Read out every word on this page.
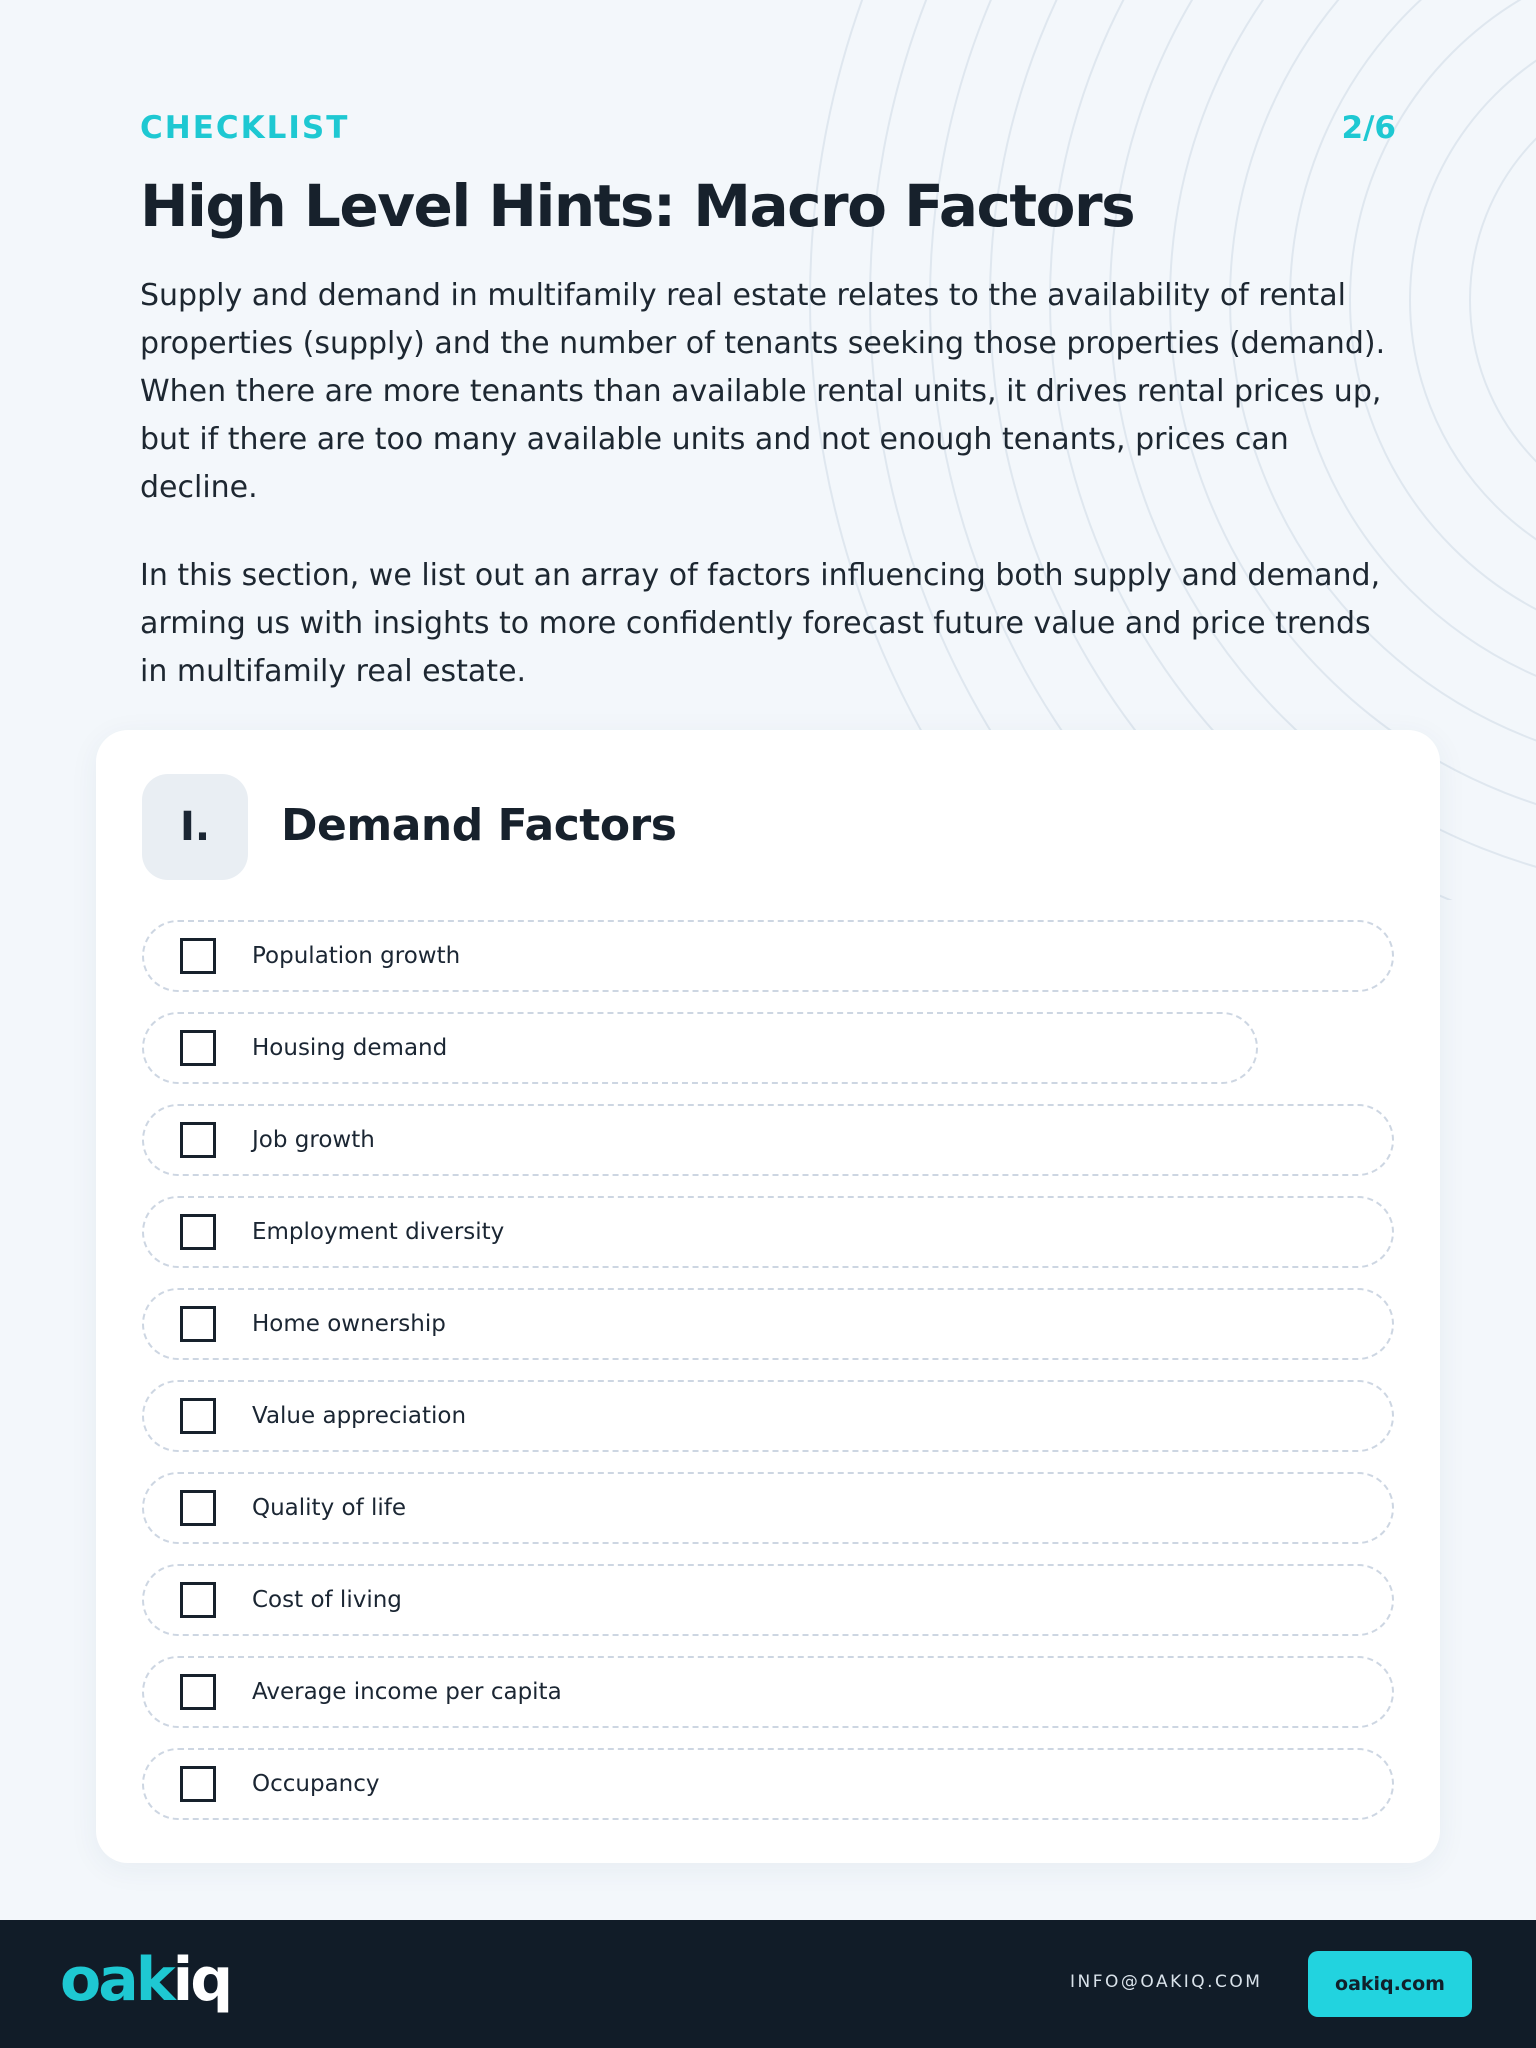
CHECKLIST	2/6
High Level Hints: Macro Factors

Supply and demand in multifamily real estate relates to the availability of rental properties (supply) and the number of tenants seeking those properties (demand). When there are more tenants than available rental units, it drives rental prices up, but if there are too many available units and not enough tenants, prices can decline.

In this section, we list out an array of factors influencing both supply and demand, arming us with insights to more confidently forecast future value and price trends in multifamily real estate.

I.	Demand Factors
Population growth
Housing demand
Job growth
Employment diversity
Home ownership
Value appreciation
Quality of life
Cost of living
Average income per capita
Occupancy
oakiq	INFO@OAKIQ.COM	oakiq.com
